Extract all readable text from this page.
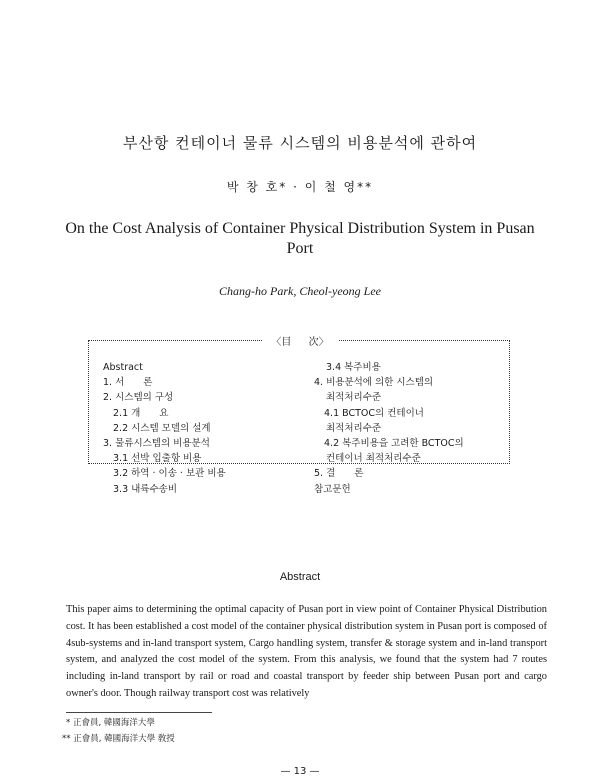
부산항 컨테이너 물류 시스템의 비용분석에 관하여
박 창 호* · 이 철 영**
On the Cost Analysis of Container Physical Distribution System in Pusan Port
Chang-ho Park, Cheol-yeong Lee
〈目 次〉
Abstract
1. 서　　론
2. 시스템의 구성
2.1 개　　요
2.2 시스템 모델의 설계
3. 물류시스템의 비용분석
3.1 선박 입출항 비용
3.2 하역 · 이송 · 보관 비용
3.3 내륙수송비
3.4 복주비용
4. 비용분석에 의한 시스템의
최적처리수준
4.1 BCTOC의 컨테이너
최적처리수준
4.2 복주비용을 고려한 BCTOC의
컨테이너 최적처리수준
5. 결　　론
참고문헌
Abstract

This paper aims to determining the optimal capacity of Pusan port in view point of Container Physical Distribution cost. It has been established a cost model of the container physical distribution system in Pusan port is composed of 4sub-systems and in-land transport system, Cargo handling system, transfer & storage system and in-land transport system, and analyzed the cost model of the system. From this analysis, we found that the system had 7 routes including in-land transport by rail or road and coastal transport by feeder ship between Pusan port and cargo owner's door. Though railway transport cost was relatively

* 正會員, 韓國海洋大學
** 正會員, 韓國海洋大學 敎授
— 13 —
